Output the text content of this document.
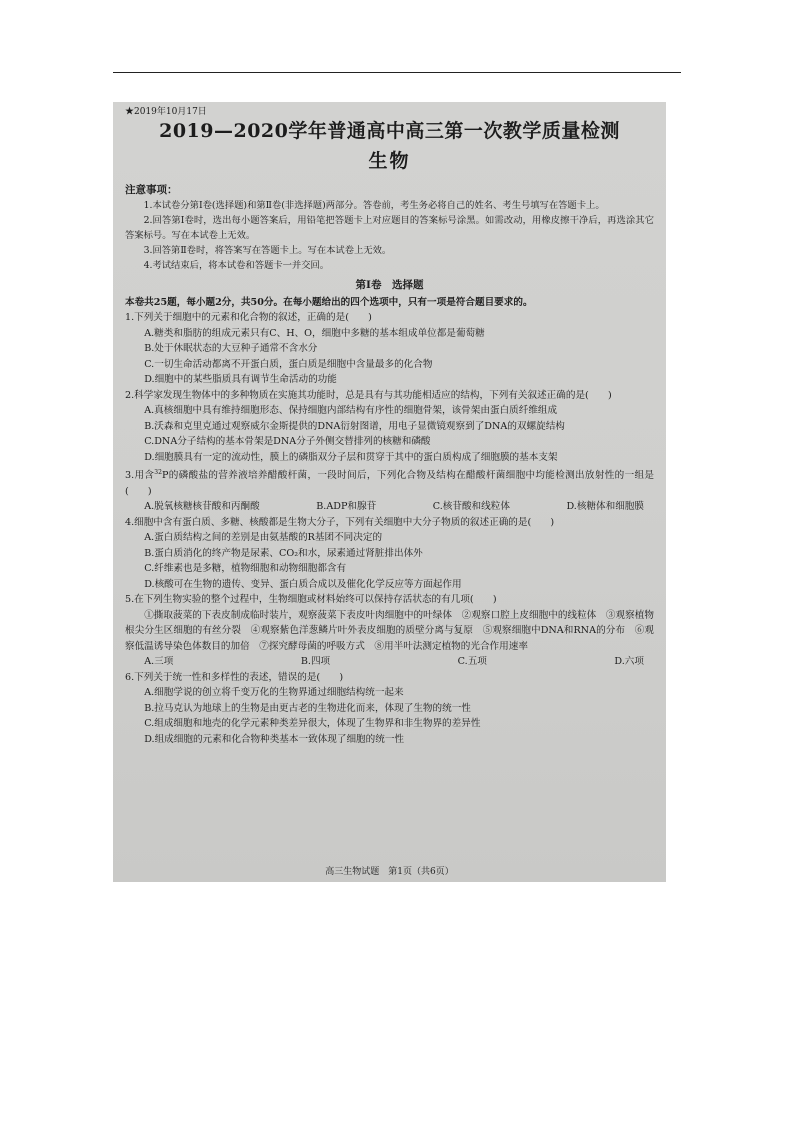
★2019年10月17日

2019—2020学年普通高中高三第一次教学质量检测
生物

注意事项：

1.本试卷分第Ⅰ卷(选择题)和第Ⅱ卷(非选择题)两部分。答卷前，考生务必将自己的姓名、考生号填写在答题卡上。

2.回答第Ⅰ卷时，选出每小题答案后，用铅笔把答题卡上对应题目的答案标号涂黑。如需改动，用橡皮擦干净后，再选涂其它答案标号。写在本试卷上无效。

3.回答第Ⅱ卷时，将答案写在答题卡上。写在本试卷上无效。

4.考试结束后，将本试卷和答题卡一并交回。

第Ⅰ卷　选择题

本卷共25题，每小题2分，共50分。在每小题给出的四个选项中，只有一项是符合题目要求的。

1.下列关于细胞中的元素和化合物的叙述，正确的是(　　)

A.糖类和脂肪的组成元素只有C、H、O，细胞中多糖的基本组成单位都是葡萄糖

B.处于休眠状态的大豆种子通常不含水分

C.一切生命活动都离不开蛋白质，蛋白质是细胞中含量最多的化合物

D.细胞中的某些脂质具有调节生命活动的功能

2.科学家发现生物体中的多种物质在实施其功能时，总是具有与其功能相适应的结构，下列有关叙述正确的是(　　)

A.真核细胞中具有维持细胞形态、保持细胞内部结构有序性的细胞骨架，该骨架由蛋白质纤维组成

B.沃森和克里克通过观察威尔金斯提供的DNA衍射图谱，用电子显微镜观察到了DNA的双螺旋结构

C.DNA分子结构的基本骨架是DNA分子外侧交替排列的核糖和磷酸

D.细胞膜具有一定的流动性，膜上的磷脂双分子层和贯穿于其中的蛋白质构成了细胞膜的基本支架

3.用含$^{32}$P的磷酸盐的营养液培养醋酸杆菌，一段时间后，下列化合物及结构在醋酸杆菌细胞中均能检测出放射性的一组是(　　)

A.脱氧核糖核苷酸和丙酮酸	B.ADP和腺苷	C.核苷酸和线粒体	D.核糖体和细胞膜

4.细胞中含有蛋白质、多糖、核酸都是生物大分子，下列有关细胞中大分子物质的叙述正确的是(　　)

A.蛋白质结构之间的差别是由氨基酸的R基团不同决定的

B.蛋白质消化的终产物是尿素、CO₂和水，尿素通过肾脏排出体外

C.纤维素也是多糖，植物细胞和动物细胞都含有

D.核酸可在生物的遗传、变异、蛋白质合成以及催化化学反应等方面起作用

5.在下列生物实验的整个过程中，生物细胞或材料始终可以保持存活状态的有几项(　　)

①撕取菠菜的下表皮制成临时装片，观察菠菜下表皮叶肉细胞中的叶绿体　②观察口腔上皮细胞中的线粒体　③观察植物根尖分生区细胞的有丝分裂　④观察紫色洋葱鳞片叶外表皮细胞的质壁分离与复原　⑤观察细胞中DNA和RNA的分布　⑥观察低温诱导染色体数目的加倍　⑦探究酵母菌的呼吸方式　⑧用半叶法测定植物的光合作用速率

A.三项	B.四项	C.五项	D.六项

6.下列关于统一性和多样性的表述，错误的是(　　)

A.细胞学说的创立将千变万化的生物界通过细胞结构统一起来

B.拉马克认为地球上的生物是由更古老的生物进化而来，体现了生物的统一性

C.组成细胞和地壳的化学元素种类差异很大，体现了生物界和非生物界的差异性

D.组成细胞的元素和化合物种类基本一致体现了细胞的统一性

高三生物试题　第1页（共6页）
